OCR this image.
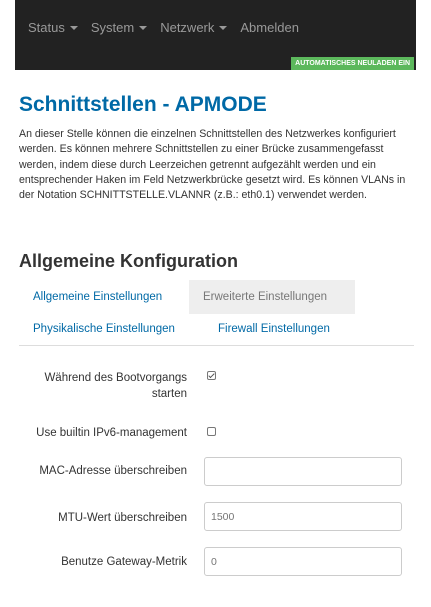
Status System Netzwerk Abmelden
AUTOMATISCHES NEULADEN EIN
Schnittstellen - APMODE

An dieser Stelle können die einzelnen Schnittstellen des Netzwerkes konfiguriert werden. Es können mehrere Schnittstellen zu einer Brücke zusammengefasst werden, indem diese durch Leerzeichen getrennt aufgezählt werden und ein entsprechender Haken im Feld Netzwerkbrücke gesetzt wird. Es können VLANs in der Notation SCHNITTSTELLE.VLANNR (z.B.: eth0.1) verwendet werden.

Allgemeine Konfiguration
Allgemeine Einstellungen	Erweiterte Einstellungen
Physikalische Einstellungen	Firewall Einstellungen
Während des Bootvorgangs starten
Use builtin IPv6-management
MAC-Adresse überschreiben
MTU-Wert überschreiben
1500
Benutze Gateway-Metrik
0
